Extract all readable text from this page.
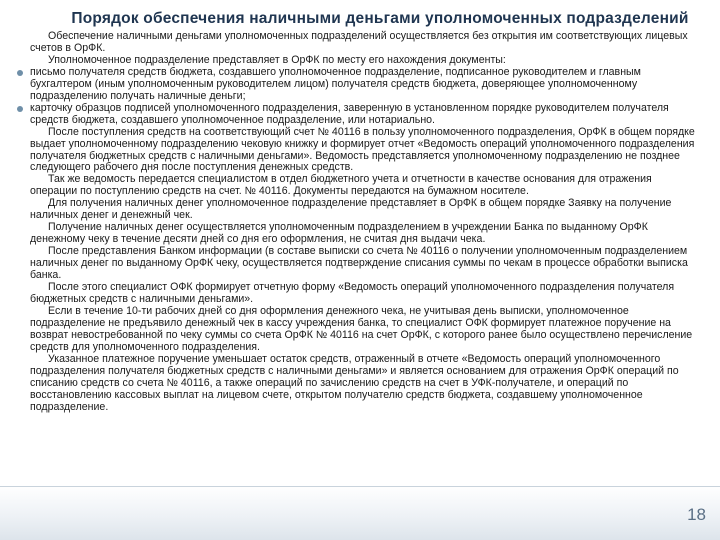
Порядок обеспечения наличными деньгами уполномоченных подразделений

Обеспечение наличными деньгами уполномоченных подразделений осуществляется без открытия им соответствующих лицевых счетов в ОрФК.

Уполномоченное подразделение представляет в ОрФК по месту его нахождения документы:

письмо получателя средств бюджета, создавшего уполномоченное подразделение, подписанное руководителем и главным бухгалтером (иным уполномоченным руководителем лицом) получателя средств бюджета, доверяющее уполномоченному подразделению получать наличные деньги;

карточку образцов подписей уполномоченного подразделения, заверенную в установленном порядке руководителем получателя средств бюджета, создавшего уполномоченное подразделение, или нотариально.

После поступления средств на соответствующий счет № 40116 в пользу уполномоченного подразделения, ОрФК в общем порядке выдает уполномоченному подразделению чековую книжку и формирует отчет «Ведомость операций уполномоченного подразделения получателя бюджетных средств с наличными деньгами». Ведомость представляется уполномоченному подразделению не позднее следующего рабочего дня после поступления денежных средств.

Так же ведомость передается специалистом в отдел бюджетного учета и отчетности в качестве основания для отражения операции по поступлению средств на счет. № 40116. Документы передаются на бумажном носителе.

Для получения наличных денег уполномоченное подразделение представляет в ОрФК в общем порядке Заявку на получение наличных денег и денежный чек.

Получение наличных денег осуществляется уполномоченным подразделением в учреждении Банка по выданному ОрФК денежному чеку в течение десяти дней со дня его оформления, не считая дня выдачи чека.

После представления Банком информации (в составе выписки со счета № 40116 о получении уполномоченным подразделением наличных денег по выданному ОрФК чеку, осуществляется подтверждение списания суммы по чекам в процессе обработки выписка банка.

После этого специалист ОФК формирует отчетную форму «Ведомость операций уполномоченного подразделения получателя бюджетных средств с наличными деньгами».

Если в течение 10-ти рабочих дней со дня оформления денежного чека, не учитывая день выписки, уполномоченное подразделение не предъявило денежный чек в кассу учреждения банка, то специалист ОФК формирует платежное поручение на возврат невостребованной по чеку суммы со счета ОрФК № 40116 на счет ОрФК, с которого ранее было осуществлено перечисление средств для уполномоченного подразделения.

Указанное платежное поручение уменьшает остаток средств, отраженный в отчете «Ведомость операций уполномоченного подразделения получателя бюджетных средств с наличными деньгами» и является основанием для отражения ОрФК операций по списанию средств со счета № 40116, а также операций по зачислению средств на счет в УФК-получателе, и операций по восстановлению кассовых выплат на лицевом счете, открытом получателю средств бюджета, создавшему уполномоченное подразделение.

18
